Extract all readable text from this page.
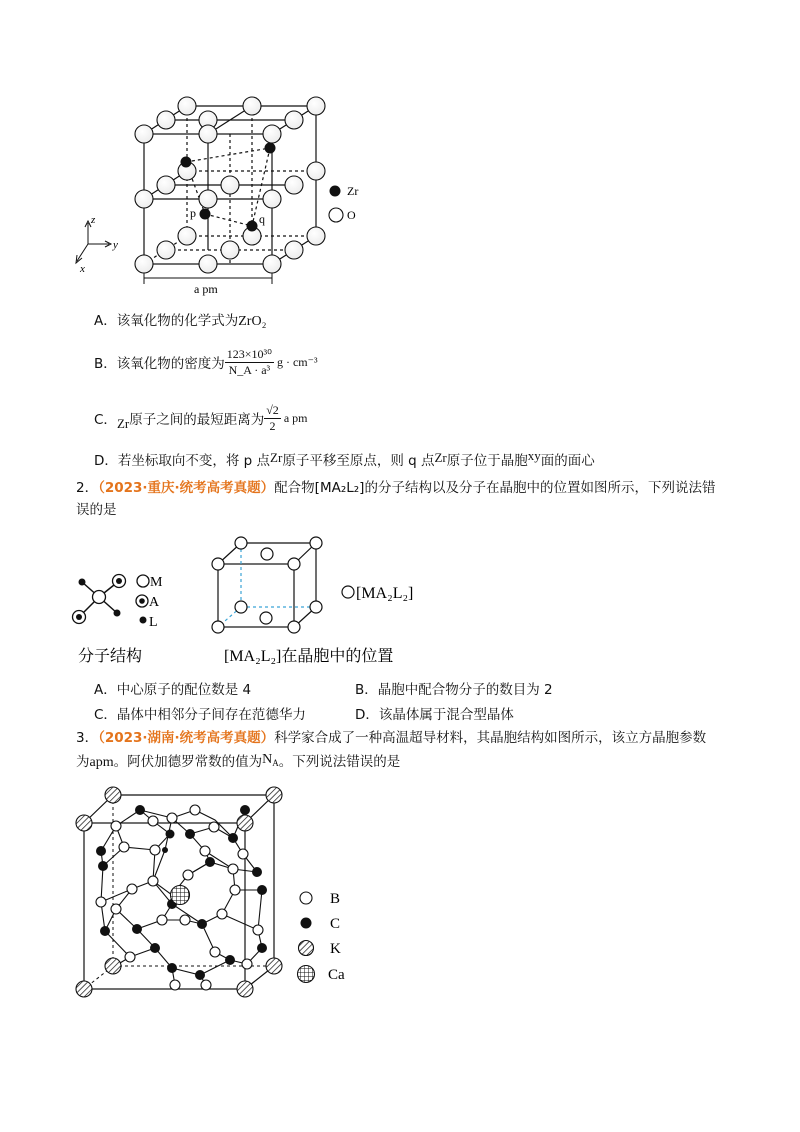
p	q
z
y
x
a pm
Zr
O
A．该氧化物的化学式为ZrO₂
B．该氧化物的密度为 $\frac{\text{123×10³⁰}}{\text{N\_A · a³}}$ g · cm⁻³
C． Zr 原子之间的最短距离为 $\frac{√2}{2}$ a pm
D．若坐标取向不变，将 p 点Zr原子平移至原点，则 q 点Zr原子位于晶胞xy面的面心
2．（2023·重庆·统考高考真题）配合物[MA₂L₂]的分子结构以及分子在晶胞中的位置如图所示，下列说法错
误的是
M
A
L
分子结构
[MA₂L₂]
[MA₂L₂]在晶胞中的位置
A．中心原子的配位数是 4	B．晶胞中配合物分子的数目为 2
C．晶体中相邻分子间存在范德华力	D．该晶体属于混合型晶体
3．（2023·湖南·统考高考真题）科学家合成了一种高温超导材料，其晶胞结构如图所示，该立方晶胞参数
为apm。阿伏加德罗常数的值为NA。下列说法错误的是
B
C
K
Ca
